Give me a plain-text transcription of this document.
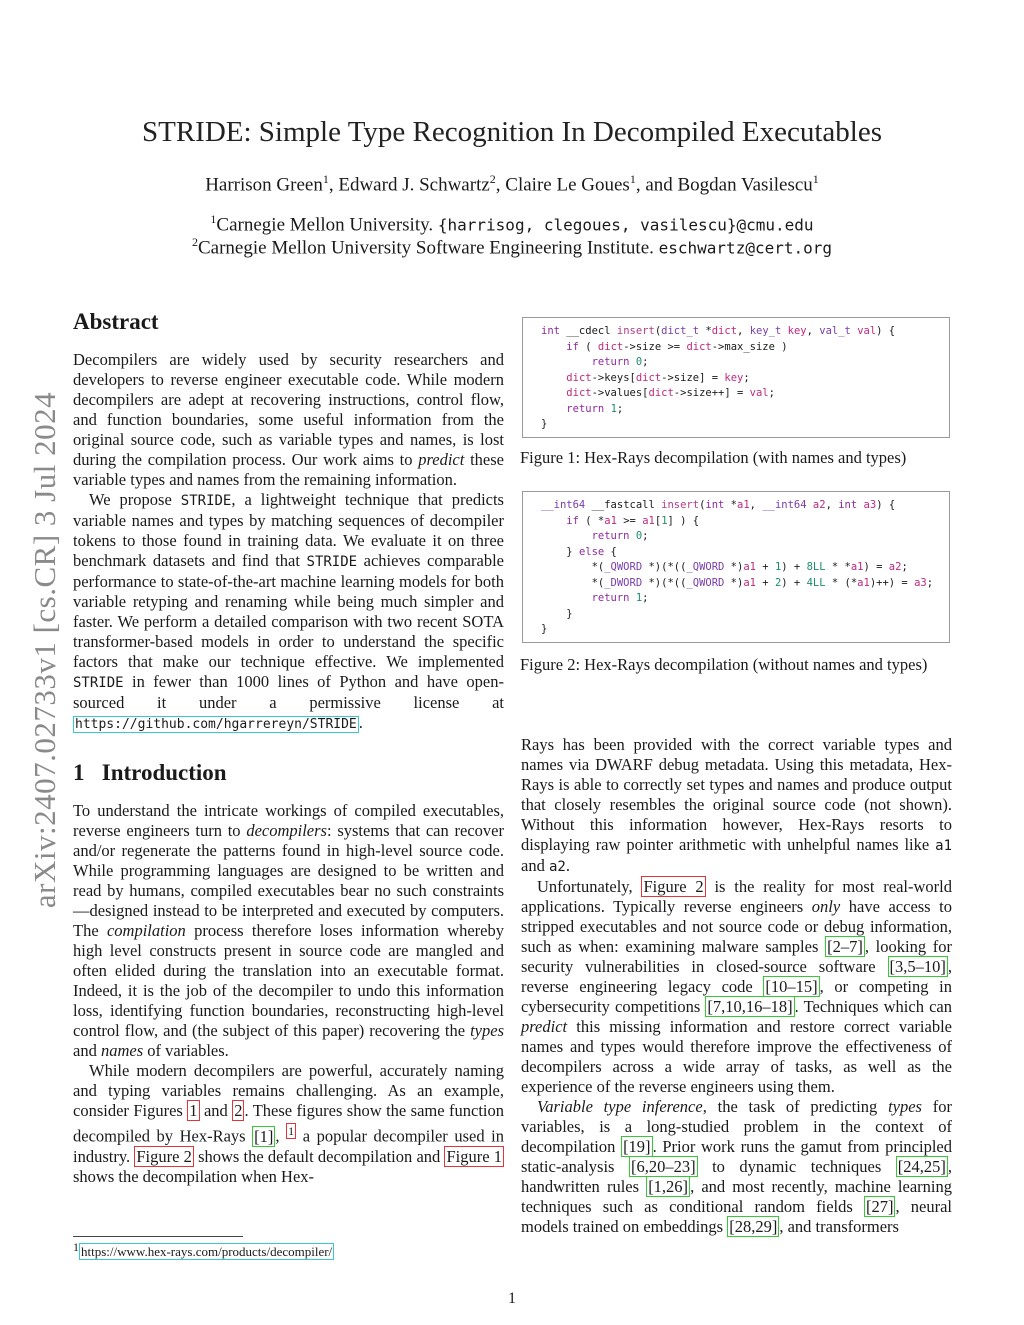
arXiv:2407.02733v1 [cs.CR] 3 Jul 2024
STRIDE: Simple Type Recognition In Decompiled Executables
Harrison Green$^1$, Edward J. Schwartz$^2$, Claire Le Goues$^1$, and Bogdan Vasilescu$^1$
$^1$Carnegie Mellon University. {harrisog, clegoues, vasilescu}@cmu.edu
$^2$Carnegie Mellon University Software Engineering Institute. eschwartz@cert.org
Abstract

Decompilers are widely used by security researchers and developers to reverse engineer executable code. While modern decompilers are adept at recovering instructions, control flow, and function boundaries, some useful information from the original source code, such as variable types and names, is lost during the compilation process. Our work aims to predict these variable types and names from the remaining information.

We propose STRIDE, a lightweight technique that predicts variable names and types by matching sequences of decompiler tokens to those found in training data. We evaluate it on three benchmark datasets and find that STRIDE achieves comparable performance to state-of-the-art machine learning models for both variable retyping and renaming while being much simpler and faster. We perform a detailed comparison with two recent SOTA transformer-based models in order to understand the specific factors that make our technique effective. We implemented STRIDE in fewer than 1000 lines of Python and have open-sourced it under a permissive license at https://github.com/hgarrereyn/STRIDE .

1 Introduction

To understand the intricate workings of compiled executables, reverse engineers turn to decompilers: systems that can recover and/or regenerate the patterns found in high-level source code. While programming languages are designed to be written and read by humans, compiled executables bear no such constraints—designed instead to be interpreted and executed by computers. The compilation process therefore loses information whereby high level constructs present in source code are mangled and often elided during the translation into an executable format. Indeed, it is the job of the decompiler to undo this information loss, identifying function boundaries, reconstructing high-level control flow, and (the subject of this paper) recovering the types and names of variables.

While modern decompilers are powerful, accurately naming and typing variables remains challenging. As an example, consider Figures 1 and 2 . These figures show the same function decompiled by Hex-Rays [1] , $^1$ a popular decompiler used in industry. Figure 2 shows the default decompilation and Figure 1 shows the decompilation when Hex-

$^1$ https://www.hex-rays.com/products/decompiler/
int __cdecl insert(dict_t *dict, key_t key, val_t val) {
if ( dict->size >= dict->max_size )
return 0;
dict->keys[dict->size] = key;
dict->values[dict->size++] = val;
return 1;
}
Figure 1: Hex-Rays decompilation (with names and types)
__int64 __fastcall insert(int *a1, __int64 a2, int a3) {
if ( *a1 >= a1[1] ) {
return 0;
} else {
*(_QWORD *)(*((_QWORD *)a1 + 1) + 8LL * *a1) = a2;
*(_DWORD *)(*((_QWORD *)a1 + 2) + 4LL * (*a1)++) = a3;
return 1;
}
}
Figure 2: Hex-Rays decompilation (without names and types)

Rays has been provided with the correct variable types and names via DWARF debug metadata. Using this metadata, Hex-Rays is able to correctly set types and names and produce output that closely resembles the original source code (not shown). Without this information however, Hex-Rays resorts to displaying raw pointer arithmetic with unhelpful names like a1 and a2.

Unfortunately, Figure 2 is the reality for most real-world applications. Typically reverse engineers only have access to stripped executables and not source code or debug information, such as when: examining malware samples [2–7] , looking for security vulnerabilities in closed-source software [3,5–10] , reverse engineering legacy code [10–15] , or competing in cybersecurity competitions [7,10,16–18] . Techniques which can predict this missing information and restore correct variable names and types would therefore improve the effectiveness of decompilers across a wide array of tasks, as well as the experience of the reverse engineers using them.

Variable type inference, the task of predicting types for variables, is a long-studied problem in the context of decompilation [19] . Prior work runs the gamut from principled static-analysis [6,20–23] to dynamic techniques [24,25] , handwritten rules [1,26] , and most recently, machine learning techniques such as conditional random fields [27] , neural models trained on embeddings [28,29] , and transformers

1
